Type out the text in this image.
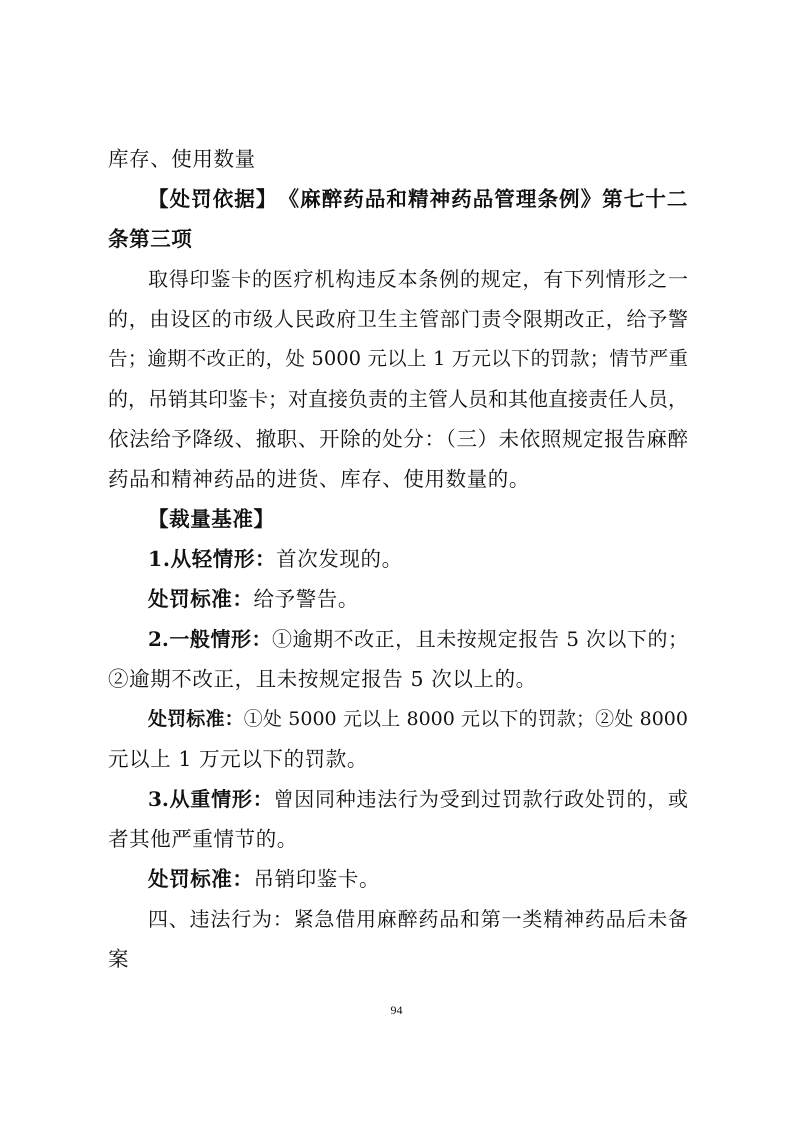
库存、使用数量
【处罚依据】　《麻醉药品和精神药品管理条例》第七十二
条第三项
取得印鉴卡的医疗机构违反本条例的规定，有下列情形之一
的，由设区的市级人民政府卫生主管部门责令限期改正，给予警
告；逾期不改正的，处 5000 元以上 1 万元以下的罚款；情节严重
的，吊销其印鉴卡；对直接负责的主管人员和其他直接责任人员，
依法给予降级、撤职、开除的处分：（三）未依照规定报告麻醉
药品和精神药品的进货、库存、使用数量的。
【裁量基准】
1.从轻情形：首次发现的。
处罚标准：给予警告。
2.一般情形：①逾期不改正，且未按规定报告 5 次以下的；
②逾期不改正，且未按规定报告 5 次以上的。
处罚标准：①处 5000 元以上 8000 元以下的罚款；②处 8000
元以上 1 万元以下的罚款。
3.从重情形：曾因同种违法行为受到过罚款行政处罚的，或
者其他严重情节的。
处罚标准：吊销印鉴卡。
四、违法行为：紧急借用麻醉药品和第一类精神药品后未备
案
94
